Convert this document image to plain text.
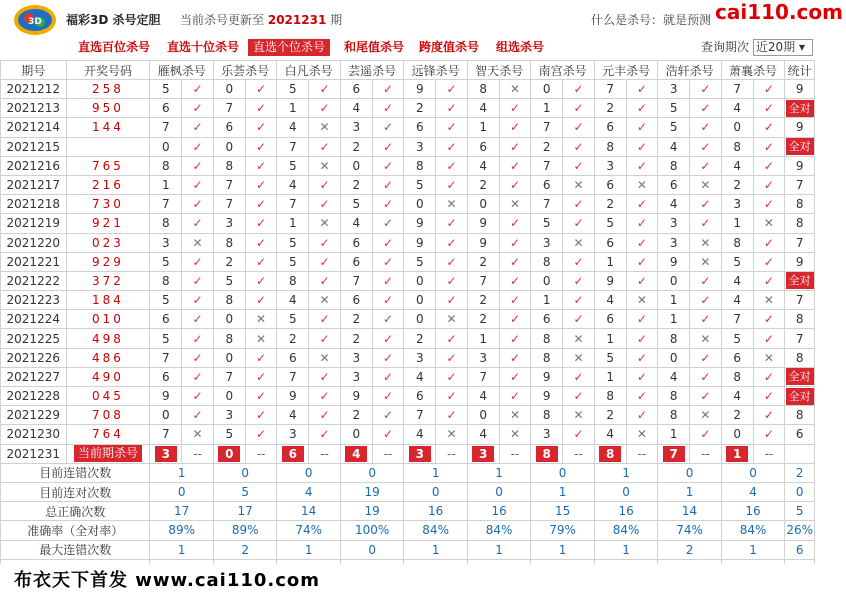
3D 福彩3D 杀号定胆 当前杀号更新至 2021231 期	什么是杀号：就是预测 cai110.com
直选百位杀号 直选十位杀号	直选个位杀号	和尾值杀号 跨度值杀号 组选杀号	查询期次 近20期 ▾
期号	开奖号码	雁枫杀号		乐荟杀号		白凡杀号		芸遥杀号		远锋杀号		智天杀号		南宫杀号		元丰杀号		浩轩杀号		萧襄杀号		统计
2021212	258	5	✓	0	✓	5	✓	6	✓	9	✓	8	✕	0	✓	7	✓	3	✓	7	✓	9
2021213	950	6	✓	7	✓	1	✓	4	✓	2	✓	4	✓	1	✓	2	✓	5	✓	4	✓	全对
2021214	144	7	✓	6	✓	4	✕	3	✓	6	✓	1	✓	7	✓	6	✓	5	✓	0	✓	9
2021215		0	✓	0	✓	7	✓	2	✓	3	✓	6	✓	2	✓	8	✓	4	✓	8	✓	全对
2021216	765	8	✓	8	✓	5	✕	0	✓	8	✓	4	✓	7	✓	3	✓	8	✓	4	✓	9
2021217	216	1	✓	7	✓	4	✓	2	✓	5	✓	2	✓	6	✕	6	✕	6	✕	2	✓	7
2021218	730	7	✓	7	✓	7	✓	5	✓	0	✕	0	✕	7	✓	2	✓	4	✓	3	✓	8
2021219	921	8	✓	3	✓	1	✕	4	✓	9	✓	9	✓	5	✓	5	✓	3	✓	1	✕	8
2021220	023	3	✕	8	✓	5	✓	6	✓	9	✓	9	✓	3	✕	6	✓	3	✕	8	✓	7
2021221	929	5	✓	2	✓	5	✓	6	✓	5	✓	2	✓	8	✓	1	✓	9	✕	5	✓	9
2021222	372	8	✓	5	✓	8	✓	7	✓	0	✓	7	✓	0	✓	9	✓	0	✓	4	✓	全对
2021223	184	5	✓	8	✓	4	✕	6	✓	0	✓	2	✓	1	✓	4	✕	1	✓	4	✕	7
2021224	010	6	✓	0	✕	5	✓	2	✓	0	✕	2	✓	6	✓	6	✓	1	✓	7	✓	8
2021225	498	5	✓	8	✕	2	✓	2	✓	2	✓	1	✓	8	✕	1	✓	8	✕	5	✓	7
2021226	486	7	✓	0	✓	6	✕	3	✓	3	✓	3	✓	8	✕	5	✓	0	✓	6	✕	8
2021227	490	6	✓	7	✓	7	✓	3	✓	4	✓	7	✓	9	✓	1	✓	4	✓	8	✓	全对
2021228	045	9	✓	0	✓	9	✓	9	✓	6	✓	4	✓	9	✓	8	✓	8	✓	4	✓	全对
2021229	708	0	✓	3	✓	4	✓	2	✓	7	✓	0	✕	8	✕	2	✓	8	✕	2	✓	8
2021230	764	7	✕	5	✓	3	✓	0	✓	4	✕	4	✕	3	✓	4	✕	1	✓	0	✓	6
2021231	当前期杀号	3	--	0	--	6	--	4	--	3	--	3	--	8	--	8	--	7	--	1	--	
目前连错次数		1		0		0		0		1		1		0		1		0		0		2
目前连对次数		0		5		4		19		0		0		1		0		1		4		0
总正确次数		17		17		14		19		16		16		15		16		14		16		5
准确率（全对率）		89%		89%		74%		100%		84%		84%		79%		84%		74%		84%		26%
最大连错次数		1		2		1		0		1		1		1		1		2		1		6

布衣天下首发 www.cai110.com
